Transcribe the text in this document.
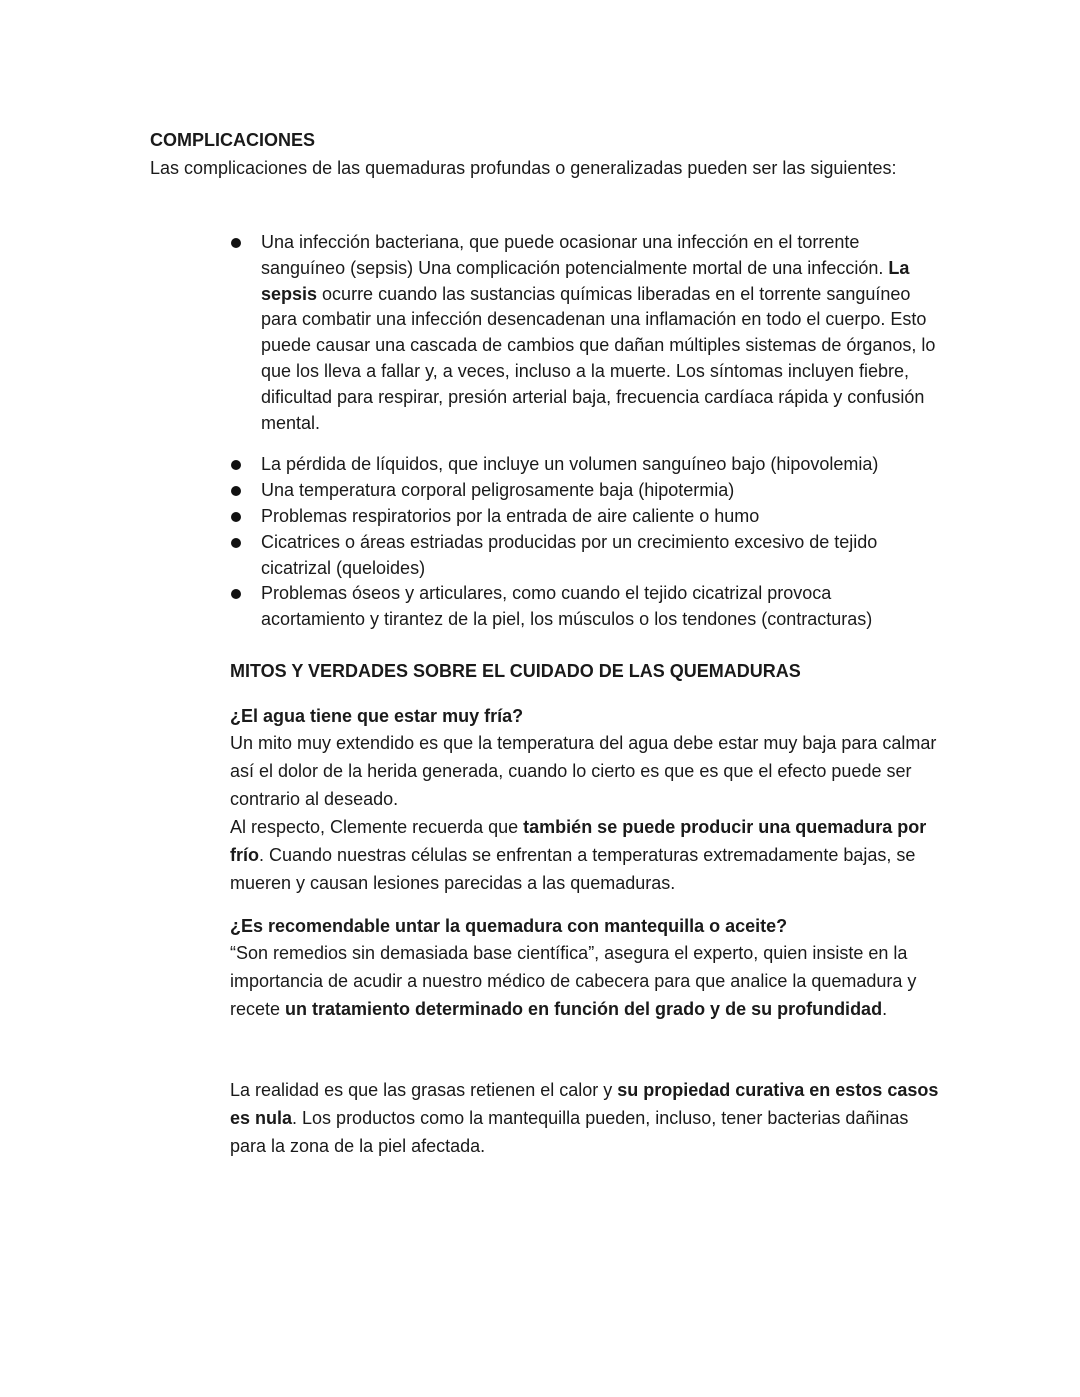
COMPLICACIONES

Las complicaciones de las quemaduras profundas o generalizadas pueden ser las siguientes:

Una infección bacteriana, que puede ocasionar una infección en el torrente sanguíneo (sepsis) Una complicación potencialmente mortal de una infección. La sepsis ocurre cuando las sustancias químicas liberadas en el torrente sanguíneo para combatir una infección desencadenan una inflamación en todo el cuerpo. Esto puede causar una cascada de cambios que dañan múltiples sistemas de órganos, lo que los lleva a fallar y, a veces, incluso a la muerte. Los síntomas incluyen fiebre, dificultad para respirar, presión arterial baja, frecuencia cardíaca rápida y confusión mental.
La pérdida de líquidos, que incluye un volumen sanguíneo bajo (hipovolemia)
Una temperatura corporal peligrosamente baja (hipotermia)
Problemas respiratorios por la entrada de aire caliente o humo
Cicatrices o áreas estriadas producidas por un crecimiento excesivo de tejido cicatrizal (queloides)
Problemas óseos y articulares, como cuando el tejido cicatrizal provoca acortamiento y tirantez de la piel, los músculos o los tendones (contracturas)
MITOS Y VERDADES SOBRE EL CUIDADO DE LAS QUEMADURAS
¿El agua tiene que estar muy fría?
Un mito muy extendido es que la temperatura del agua debe estar muy baja para calmar así el dolor de la herida generada, cuando lo cierto es que es que el efecto puede ser contrario al deseado.
Al respecto, Clemente recuerda que también se puede producir una quemadura por frío. Cuando nuestras células se enfrentan a temperaturas extremadamente bajas, se mueren y causan lesiones parecidas a las quemaduras.
¿Es recomendable untar la quemadura con mantequilla o aceite?
“Son remedios sin demasiada base científica”, asegura el experto, quien insiste en la importancia de acudir a nuestro médico de cabecera para que analice la quemadura y recete un tratamiento determinado en función del grado y de su profundidad.
La realidad es que las grasas retienen el calor y su propiedad curativa en estos casos es nula. Los productos como la mantequilla pueden, incluso, tener bacterias dañinas para la zona de la piel afectada.
